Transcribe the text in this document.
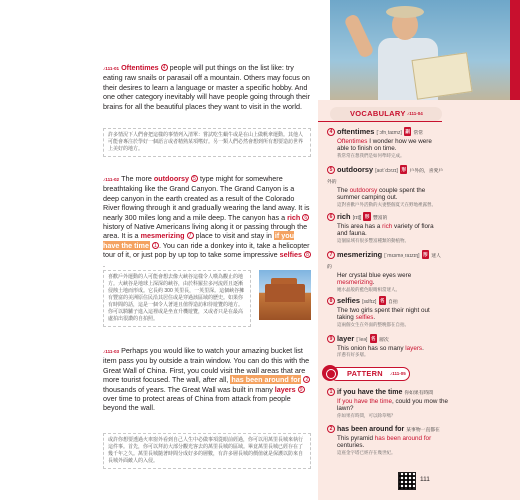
♪111-01 Oftentimes 4 people will put things on the list like: try eating raw snails or parasail off a mountain. Others may focus on their desires to learn a language or master a specific hobby. And one other category inevitably will have people going through their brains for all the beautiful places they want to visit in the world.

許多情況下人們會把這樣的事情列入清單：嘗試吃生蝸牛或是在山上做帆傘運動。其他人可能會專注於學好一個語言或者精熟某項嗜好。另一類人們必然會想到所有想要造訪世界上美好的地方。

♪111-02 The more outdoorsy 5 type might for somewhere breathtaking like the Grand Canyon. The Grand Canyon is a deep canyon in the earth created as a result of the Colorado River flowing through it and gradually wearing the land away. It is nearly 300 miles long and a mile deep. The canyon has a rich 6 history of Native Americans living along it or passing through the area. It is a mesmerizing 7 place to visit and stay in if you have the time 1 . You can ride a donkey into it, take a helicopter tour of it, or just pop by up top to take some impressive selfies 8.

喜歡戶外運動的人可能會想去像大峽谷這樣令人嘆為觀止的地方。大峽谷是地球上深深的峽谷，由於科羅拉多河流經且逐漸侵蝕土地而形成。它長約 300 英里長，一英里深。這個峽谷擁有豐富的美洲原住民沿其居住或是穿過該區域的歷史。如果你有時間的話，這是一個令人著迷且值得造訪和待遊覽的地方。你可以騎驢子進入這裡或是坐直升機遊覽，又或者只是在最高處拍出很讚的自拍照。

♪111-03 Perhaps you would like to watch your amazing bucket list item pass you by outside a train window. You can do this with the Great Wall of China. First, you could visit the wall areas that are more tourist focused. The wall, after all, has been around for 2 thousands of years. The Great Wall was built in many layers 9 over time to protect areas of China from attack from people beyond the wall.

或許你想要透過火車窗外看到自己人生中必做事項從眼前經過，你可以用萬里長城來執行這件事。首先，你可以拜訪大部分觀光客去的萬里長城的區域。畢竟萬里長城已經存在了幾千年之久。萬里長城隨著時間分成好多的層數，有許多層長城的價值就是保護以防來自長城外面敵人的入侵。

VOCABULARY ♪111-04
4 oftentimes [ˈɔfn͵taɪmz] 副 常常
Oftentimes I wonder how we were able to finish on time.
我常常在想我們是如何準時完成。
5 outdoorsy [aʊtˈdɔrzɪ] 形 戶外的，喜愛戶外的
The outdoorsy couple spent the summer camping out.
這對喜歡戶外活動的夫妻整個夏天在野地裡露營。
6 rich [rɪtʃ] 形 豐富的
This area has a rich variety of flora and fauna.
這個區域有很多豐富種類的動植物。
7 mesmerizing [ˈmɛsmə͵raɪzɪŋ] 形 迷人的
Her crystal blue eyes were mesmerizing.
她水晶般的藍色眼睛相當迷人。
8 selfies [sɛlfɪz] 名 自拍
The two girls spent their night out taking selfies.
這兩個女生在外面的整晚都在自拍。
9 layer [ˈleə] 名 層次
This onion has so many layers.
洋蔥有好多層。
PATTERN ♪111-05
1 if you have the time 你如果有時間
If you have the time, could you mow the lawn?
你如果有時間，可以除草嗎？
2 has been around for 某事物一直都在
This pyramid has been around for centuries.
這座金字塔已經存在幾世紀。
111
